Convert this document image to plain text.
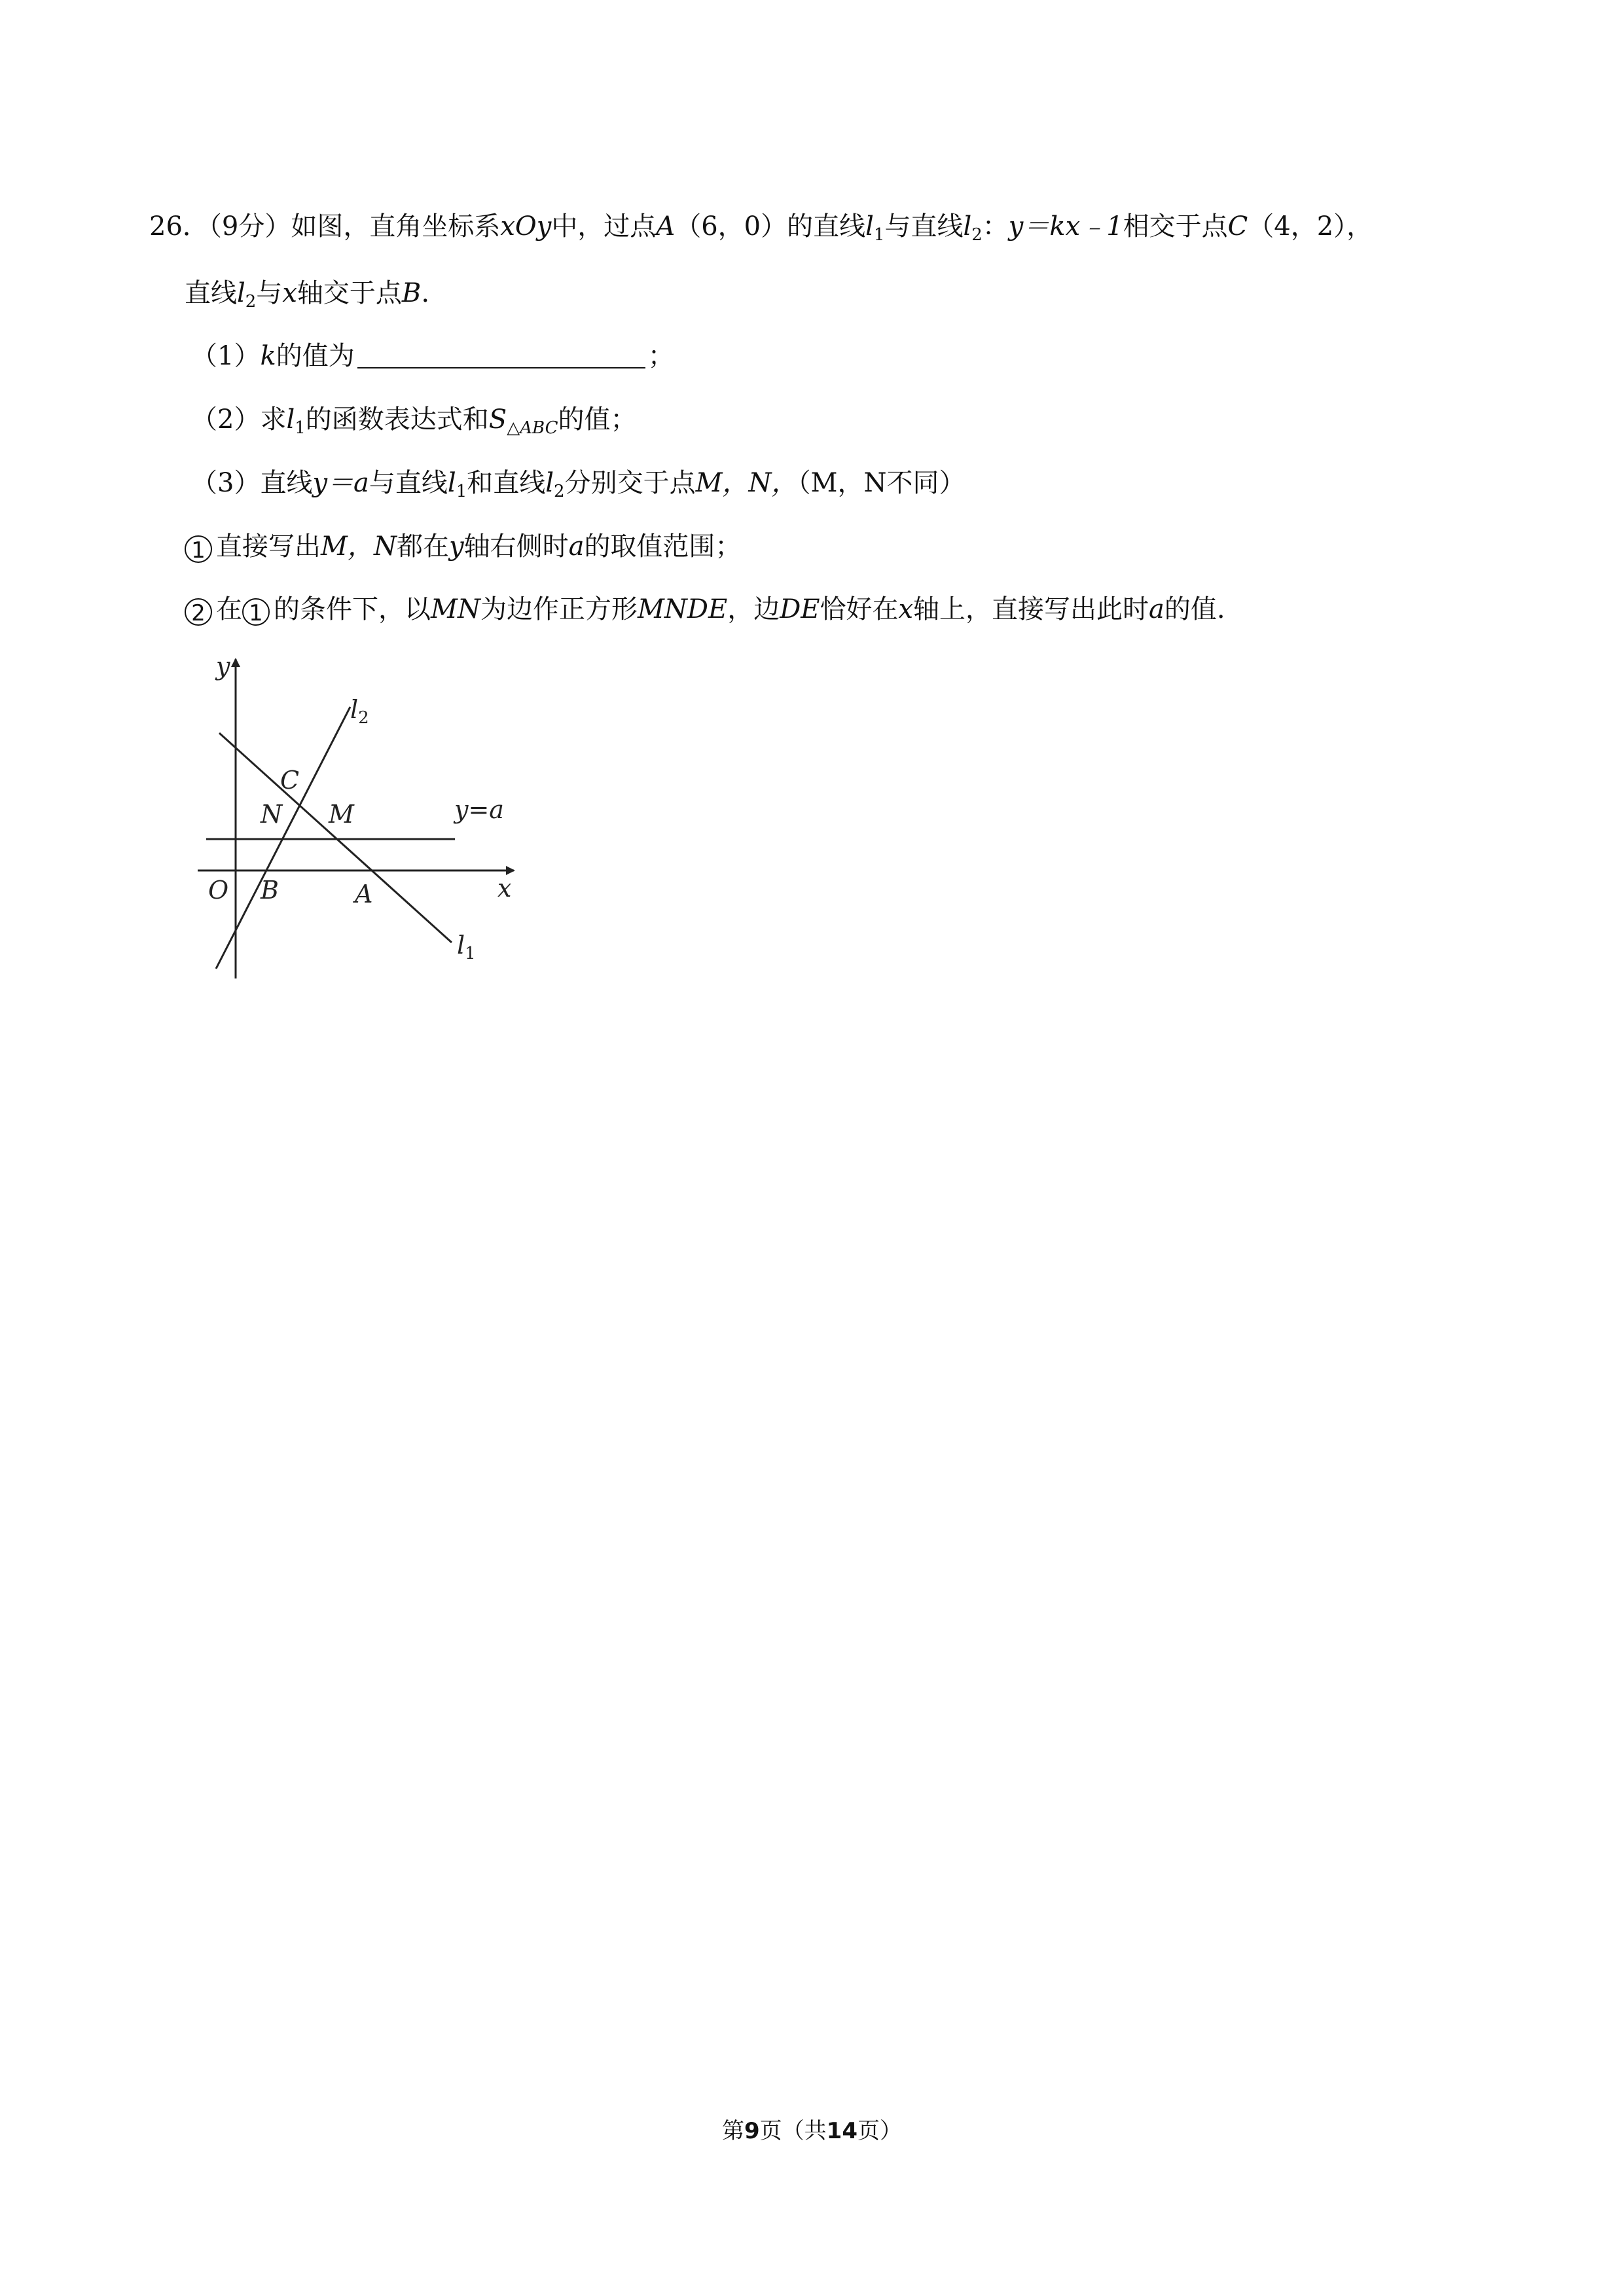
26．（9分）如图，直角坐标系xOy中，过点A（6，0）的直线$l_1$与直线$l_2$：y＝kx﹣1相交于点C（4，2），
直线$l_2$与x轴交于点B.
（1）k的值为	；
（2）求$l_1$的函数表达式和$S_{\triangle ABC}$的值；
（3）直线y＝a与直线$l_1$和直线$l_2$分别交于点M，N，（M，N不同）
1 直接写出M，N都在y轴右侧时a的取值范围；
2 在 1 的条件下，以MN为边作正方形MNDE，边DE恰好在x轴上，直接写出此时a的值.
y
x
O B	A
C
N M	y=a
$l_2$
$l_1$
第9页（共14页）
